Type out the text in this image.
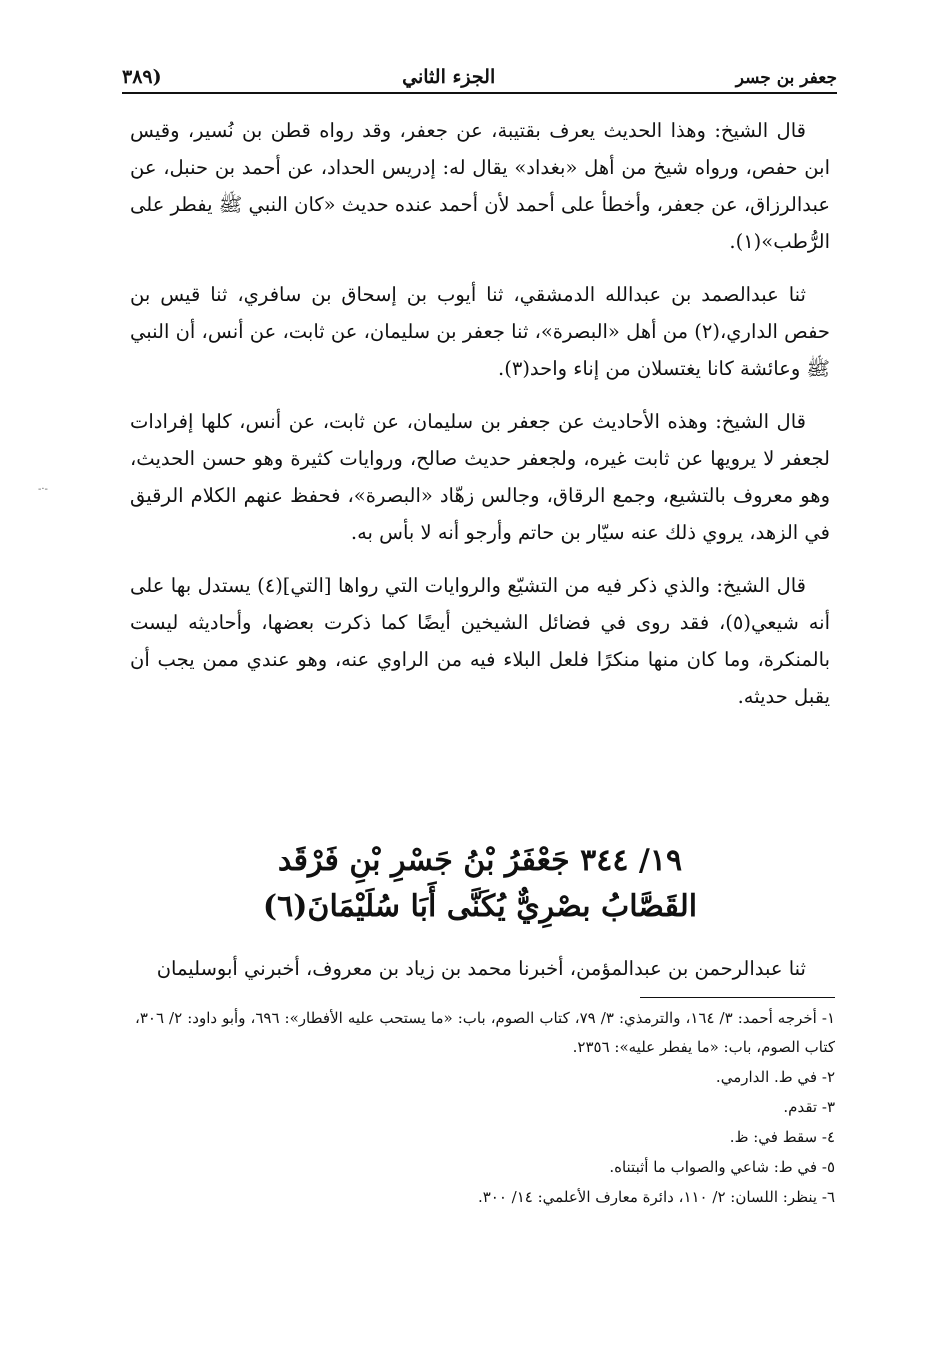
جعفر بن جسر
الجزء الثاني
(٣٨٩
-·-

قال الشيخ: وهذا الحديث يعرف بقتيبة، عن جعفر، وقد رواه قطن بن نُسير، وقيس ابن حفص، ورواه شيخ من أهل «بغداد» يقال له: إدريس الحداد، عن أحمد بن حنبل، عن عبدالرزاق، عن جعفر، وأخطأ على أحمد لأن أحمد عنده حديث «كان النبي ﷺ يفطر على الرُّطب»(١).

ثنا عبدالصمد بن عبدالله الدمشقي، ثنا أيوب بن إسحاق بن سافري، ثنا قيس بن حفص الداري،(٢) من أهل «البصرة»، ثنا جعفر بن سليمان، عن ثابت، عن أنس، أن النبي ﷺ وعائشة كانا يغتسلان من إناء واحد(٣).

قال الشيخ: وهذه الأحاديث عن جعفر بن سليمان، عن ثابت، عن أنس، كلها إفرادات لجعفر لا يرويها عن ثابت غيره، ولجعفر حديث صالح، وروايات كثيرة وهو حسن الحديث، وهو معروف بالتشيع، وجمع الرقاق، وجالس زهّاد «البصرة»، فحفظ عنهم الكلام الرقيق في الزهد، يروي ذلك عنه سيّار بن حاتم وأرجو أنه لا بأس به.

قال الشيخ: والذي ذكر فيه من التشيّع والروايات التي رواها [التي](٤) يستدل بها على أنه شيعي(٥)، فقد روى في فضائل الشيخين أيضًا كما ذكرت بعضها، وأحاديثه ليست بالمنكرة، وما كان منها منكرًا فلعل البلاء فيه من الراوي عنه، وهو عندي ممن يجب أن يقبل حديثه.

١٩/ ٣٤٤ جَعْفَرُ بْنُ جَسْرِ بْنِ فَرْقَد
القَصَّابُ بصْرِيٌّ يُكَنَّى أَبَا سُلَيْمَانَ(٦)
ثنا عبدالرحمن بن عبدالمؤمن، أخبرنا محمد بن زياد بن معروف، أخبرني أبوسليمان

١- أخرجه أحمد: ٣/ ١٦٤، والترمذي: ٣/ ٧٩، كتاب الصوم، باب: «ما يستحب عليه الأفطار»: ٦٩٦، وأبو داود: ٢/ ٣٠٦، كتاب الصوم، باب: «ما يفطر عليه»: ٢٣٥٦.

٢- في ط. الدارمي.

٣- تقدم.

٤- سقط في: ظ.

٥- في ط: شاعي والصواب ما أثبتناه.

٦- ينظر: اللسان: ٢/ ١١٠، دائرة معارف الأعلمي: ١٤/ ٣٠٠.
